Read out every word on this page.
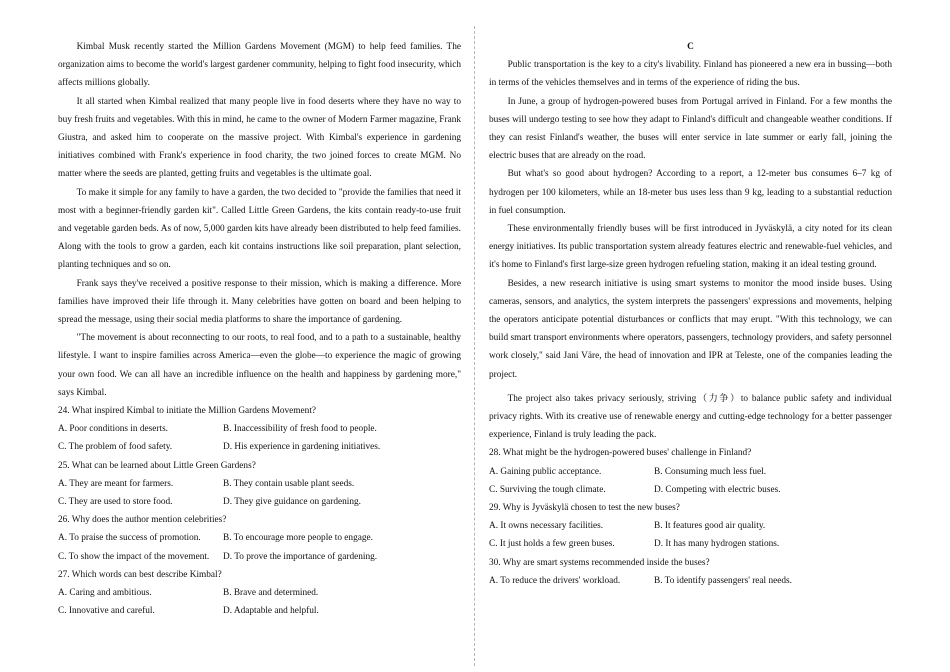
Kimbal Musk recently started the Million Gardens Movement (MGM) to help feed families. The organization aims to become the world's largest gardener community, helping to fight food insecurity, which affects millions globally.

It all started when Kimbal realized that many people live in food deserts where they have no way to buy fresh fruits and vegetables. With this in mind, he came to the owner of Modern Farmer magazine, Frank Giustra, and asked him to cooperate on the massive project. With Kimbal's experience in gardening initiatives combined with Frank's experience in food charity, the two joined forces to create MGM. No matter where the seeds are planted, getting fruits and vegetables is the ultimate goal.

To make it simple for any family to have a garden, the two decided to "provide the families that need it most with a beginner-friendly garden kit". Called Little Green Gardens, the kits contain ready-to-use fruit and vegetable garden beds. As of now, 5,000 garden kits have already been distributed to help feed families. Along with the tools to grow a garden, each kit contains instructions like soil preparation, plant selection, planting techniques and so on.

Frank says they've received a positive response to their mission, which is making a difference. More families have improved their life through it. Many celebrities have gotten on board and been helping to spread the message, using their social media platforms to share the importance of gardening.

"The movement is about reconnecting to our roots, to real food, and to a path to a sustainable, healthy lifestyle. I want to inspire families across America—even the globe—to experience the magic of growing your own food. We can all have an incredible influence on the health and happiness by gardening more," says Kimbal.

24. What inspired Kimbal to initiate the Million Gardens Movement?
A. Poor conditions in deserts.	B. Inaccessibility of fresh food to people.
C. The problem of food safety.	D. His experience in gardening initiatives.
25. What can be learned about Little Green Gardens?
A. They are meant for farmers.	B. They contain usable plant seeds.
C. They are used to store food.	D. They give guidance on gardening.
26. Why does the author mention celebrities?
A. To praise the success of promotion.	B. To encourage more people to engage.
C. To show the impact of the movement.	D. To prove the importance of gardening.
27. Which words can best describe Kimbal?
A. Caring and ambitious.	B. Brave and determined.
C. Innovative and careful.	D. Adaptable and helpful.
C

Public transportation is the key to a city's livability. Finland has pioneered a new era in bussing—both in terms of the vehicles themselves and in terms of the experience of riding the bus.

In June, a group of hydrogen-powered buses from Portugal arrived in Finland. For a few months the buses will undergo testing to see how they adapt to Finland's difficult and changeable weather conditions. If they can resist Finland's weather, the buses will enter service in late summer or early fall, joining the electric buses that are already on the road.

But what's so good about hydrogen? According to a report, a 12-meter bus consumes 6–7 kg of hydrogen per 100 kilometers, while an 18-meter bus uses less than 9 kg, leading to a substantial reduction in fuel consumption.

These environmentally friendly buses will be first introduced in Jyväskylä, a city noted for its clean energy initiatives. Its public transportation system already features electric and renewable-fuel vehicles, and it's home to Finland's first large-size green hydrogen refueling station, making it an ideal testing ground.

Besides, a new research initiative is using smart systems to monitor the mood inside buses. Using cameras, sensors, and analytics, the system interprets the passengers' expressions and movements, helping the operators anticipate potential disturbances or conflicts that may erupt. "With this technology, we can build smart transport environments where operators, passengers, technology providers, and safety personnel work closely," said Jani Väre, the head of innovation and IPR at Teleste, one of the companies leading the project.

The project also takes privacy seriously, striving（力争）to balance public safety and individual privacy rights. With its creative use of renewable energy and cutting-edge technology for a better passenger experience, Finland is truly leading the pack.

28. What might be the hydrogen-powered buses' challenge in Finland?
A. Gaining public acceptance.	B. Consuming much less fuel.
C. Surviving the tough climate.	D. Competing with electric buses.
29. Why is Jyväskylä chosen to test the new buses?
A. It owns necessary facilities.	B. It features good air quality.
C. It just holds a few green buses.	D. It has many hydrogen stations.
30. Why are smart systems recommended inside the buses?
A. To reduce the drivers' workload.	B. To identify passengers' real needs.
